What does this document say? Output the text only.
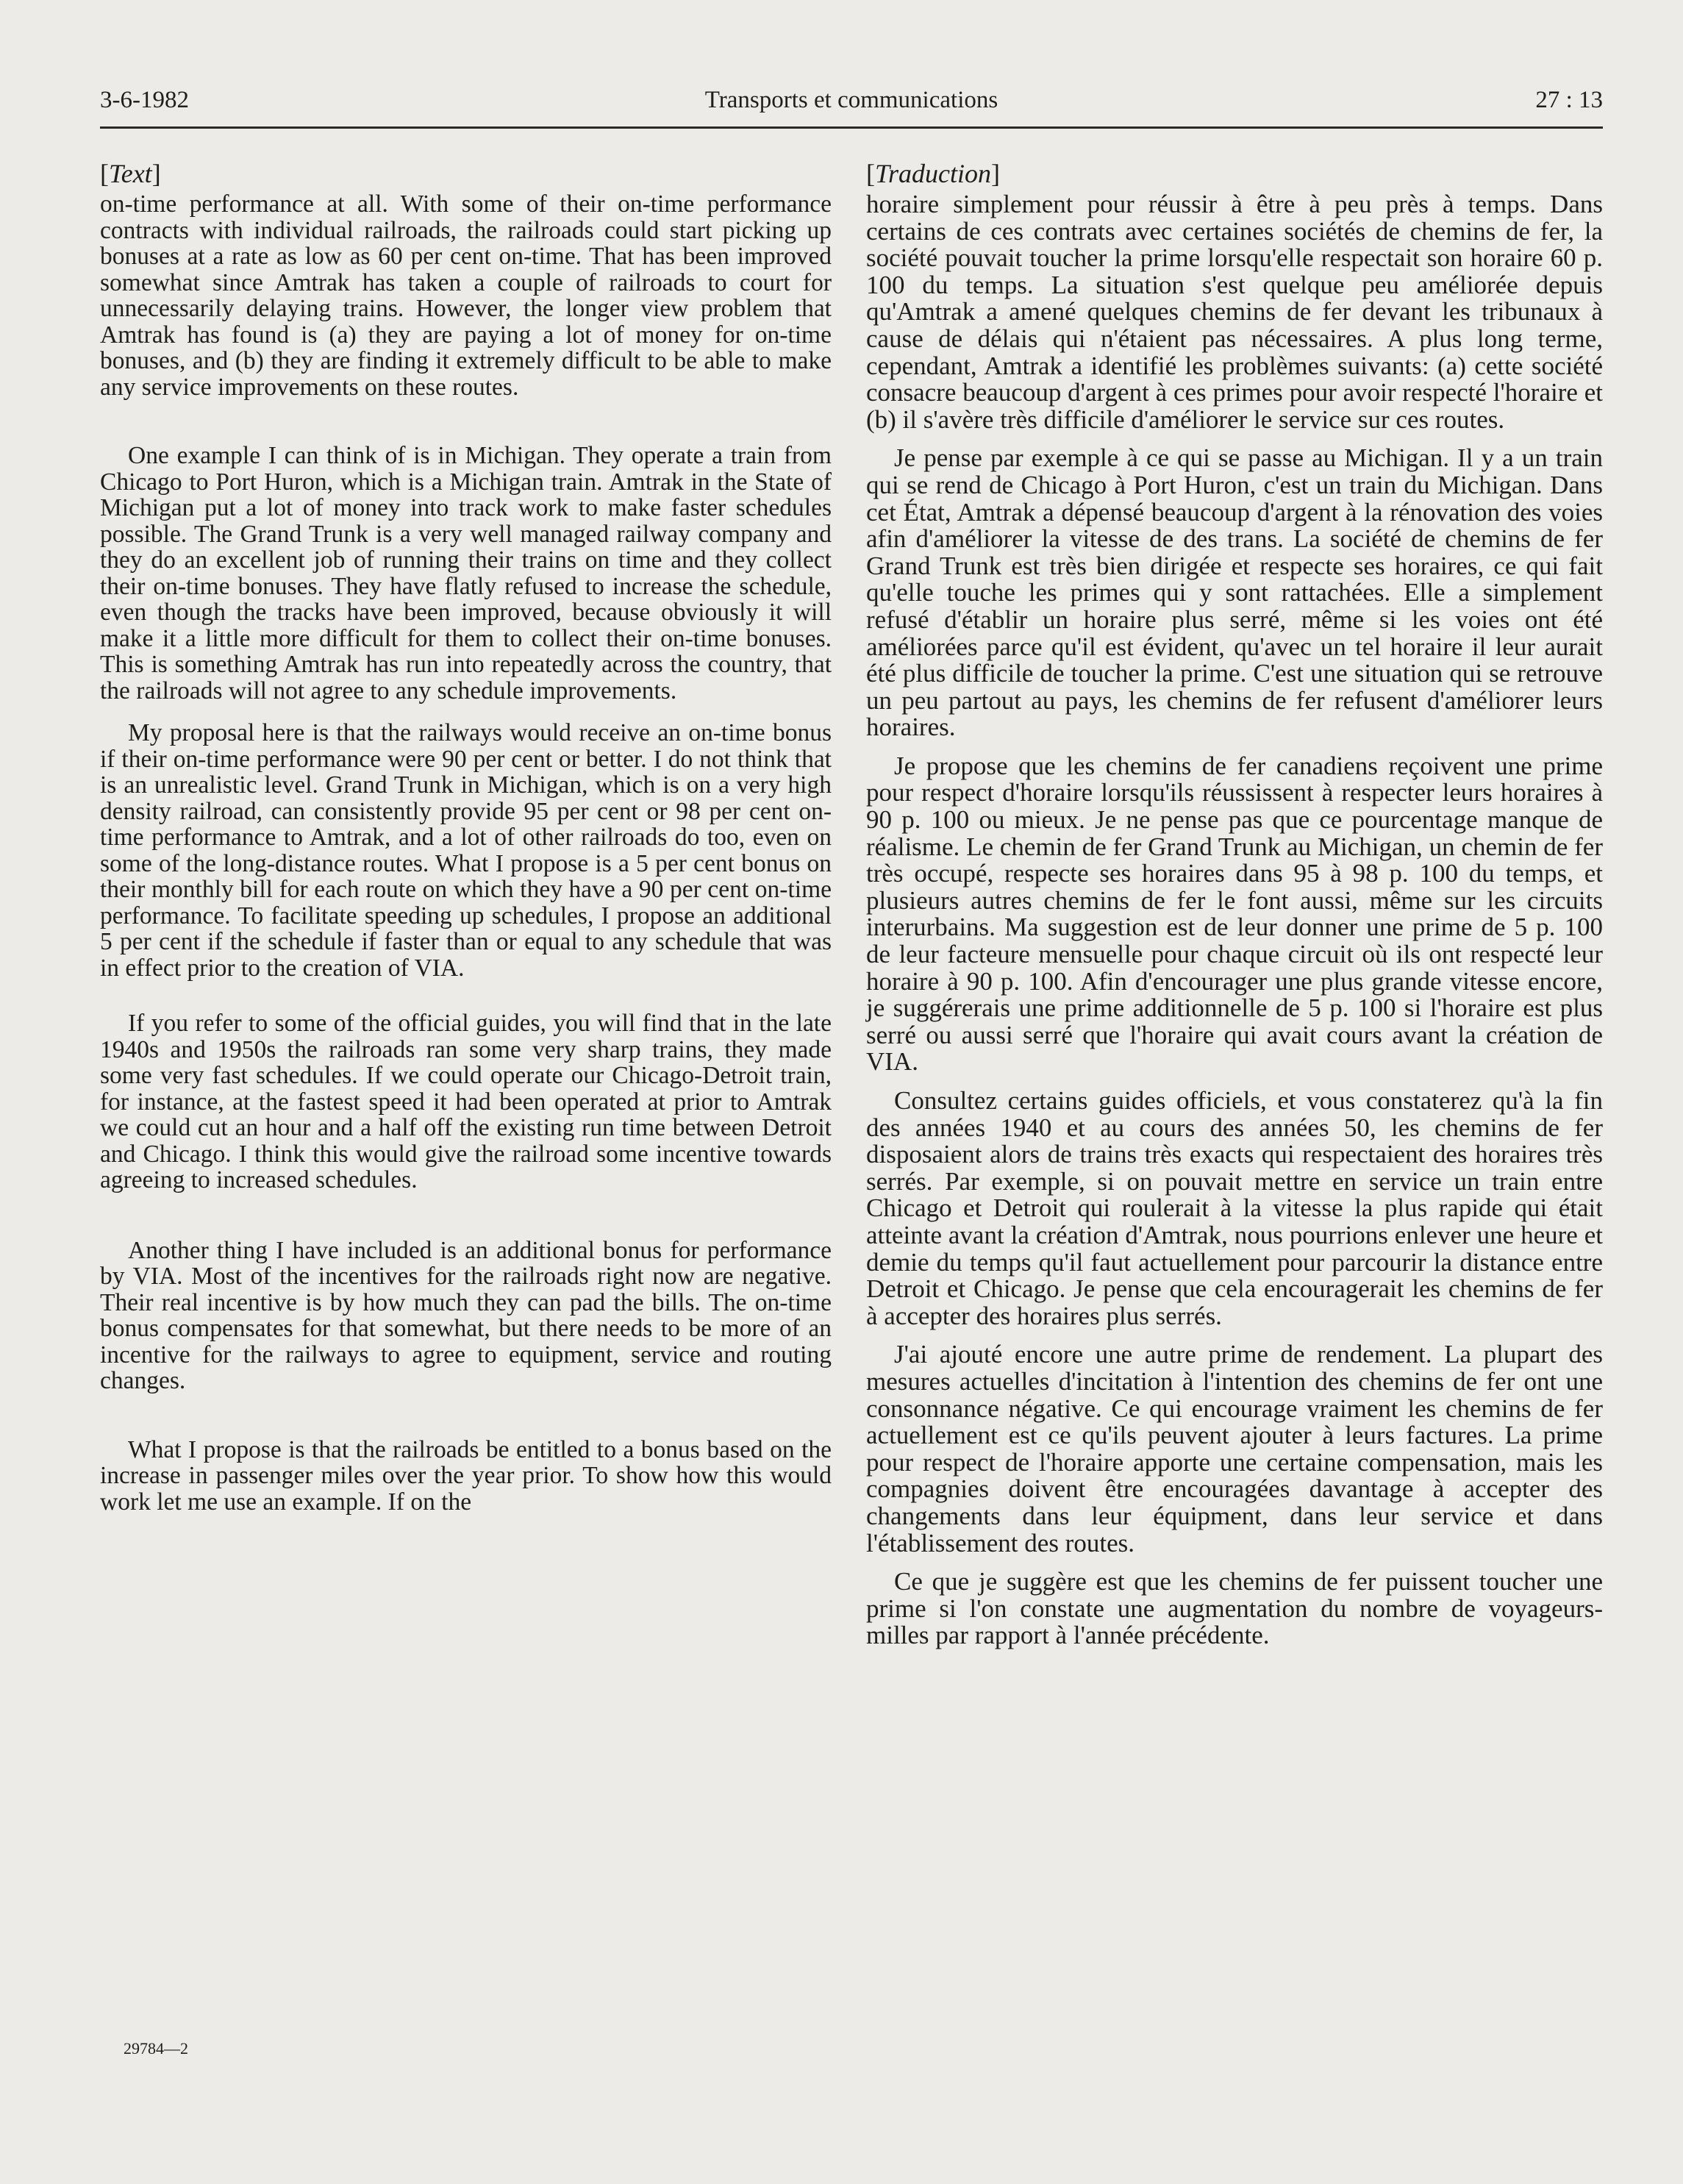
3-6-1982	Transports et communications	27 : 13

[Text]

on-time performance at all. With some of their on-time performance contracts with individual railroads, the railroads could start picking up bonuses at a rate as low as 60 per cent on-time. That has been improved somewhat since Amtrak has taken a couple of railroads to court for unnecessarily delaying trains. However, the longer view problem that Amtrak has found is (a) they are paying a lot of money for on-time bonuses, and (b) they are finding it extremely difficult to be able to make any service improvements on these routes.

One example I can think of is in Michigan. They operate a train from Chicago to Port Huron, which is a Michigan train. Amtrak in the State of Michigan put a lot of money into track work to make faster schedules possible. The Grand Trunk is a very well managed railway company and they do an excellent job of running their trains on time and they collect their on-time bonuses. They have flatly refused to increase the schedule, even though the tracks have been improved, because obviously it will make it a little more difficult for them to collect their on-time bonuses. This is something Amtrak has run into repeatedly across the country, that the railroads will not agree to any schedule improvements.

My proposal here is that the railways would receive an on-time bonus if their on-time performance were 90 per cent or better. I do not think that is an unrealistic level. Grand Trunk in Michigan, which is on a very high density railroad, can consistently provide 95 per cent or 98 per cent on-time performance to Amtrak, and a lot of other railroads do too, even on some of the long-distance routes. What I propose is a 5 per cent bonus on their monthly bill for each route on which they have a 90 per cent on-time performance. To facilitate speeding up schedules, I propose an additional 5 per cent if the schedule if faster than or equal to any schedule that was in effect prior to the creation of VIA.

If you refer to some of the official guides, you will find that in the late 1940s and 1950s the railroads ran some very sharp trains, they made some very fast schedules. If we could operate our Chicago-Detroit train, for instance, at the fastest speed it had been operated at prior to Amtrak we could cut an hour and a half off the existing run time between Detroit and Chicago. I think this would give the railroad some incentive towards agreeing to increased schedules.

Another thing I have included is an additional bonus for performance by VIA. Most of the incentives for the railroads right now are negative. Their real incentive is by how much they can pad the bills. The on-time bonus compensates for that somewhat, but there needs to be more of an incentive for the railways to agree to equipment, service and routing changes.

What I propose is that the railroads be entitled to a bonus based on the increase in passenger miles over the year prior. To show how this would work let me use an example. If on the

[Traduction]

horaire simplement pour réussir à être à peu près à temps. Dans certains de ces contrats avec certaines sociétés de chemins de fer, la société pouvait toucher la prime lorsqu'elle respectait son horaire 60 p. 100 du temps. La situation s'est quelque peu améliorée depuis qu'Amtrak a amené quelques chemins de fer devant les tribunaux à cause de délais qui n'étaient pas nécessaires. A plus long terme, cependant, Amtrak a identifié les problèmes suivants: (a) cette société consacre beaucoup d'argent à ces primes pour avoir respecté l'horaire et (b) il s'avère très difficile d'améliorer le service sur ces routes.

Je pense par exemple à ce qui se passe au Michigan. Il y a un train qui se rend de Chicago à Port Huron, c'est un train du Michigan. Dans cet État, Amtrak a dépensé beaucoup d'argent à la rénovation des voies afin d'améliorer la vitesse de des trans. La société de chemins de fer Grand Trunk est très bien dirigée et respecte ses horaires, ce qui fait qu'elle touche les primes qui y sont rattachées. Elle a simplement refusé d'établir un horaire plus serré, même si les voies ont été améliorées parce qu'il est évident, qu'avec un tel horaire il leur aurait été plus difficile de toucher la prime. C'est une situation qui se retrouve un peu partout au pays, les chemins de fer refusent d'améliorer leurs horaires.

Je propose que les chemins de fer canadiens reçoivent une prime pour respect d'horaire lorsqu'ils réussissent à respecter leurs horaires à 90 p. 100 ou mieux. Je ne pense pas que ce pourcentage manque de réalisme. Le chemin de fer Grand Trunk au Michigan, un chemin de fer très occupé, respecte ses horaires dans 95 à 98 p. 100 du temps, et plusieurs autres chemins de fer le font aussi, même sur les circuits interurbains. Ma suggestion est de leur donner une prime de 5 p. 100 de leur facteure mensuelle pour chaque circuit où ils ont respecté leur horaire à 90 p. 100. Afin d'encourager une plus grande vitesse encore, je suggérerais une prime additionnelle de 5 p. 100 si l'horaire est plus serré ou aussi serré que l'horaire qui avait cours avant la création de VIA.

Consultez certains guides officiels, et vous constaterez qu'à la fin des années 1940 et au cours des années 50, les chemins de fer disposaient alors de trains très exacts qui respectaient des horaires très serrés. Par exemple, si on pouvait mettre en service un train entre Chicago et Detroit qui roulerait à la vitesse la plus rapide qui était atteinte avant la création d'Amtrak, nous pourrions enlever une heure et demie du temps qu'il faut actuellement pour parcourir la distance entre Detroit et Chicago. Je pense que cela encouragerait les chemins de fer à accepter des horaires plus serrés.

J'ai ajouté encore une autre prime de rendement. La plupart des mesures actuelles d'incitation à l'intention des chemins de fer ont une consonnance négative. Ce qui encourage vraiment les chemins de fer actuellement est ce qu'ils peuvent ajouter à leurs factures. La prime pour respect de l'horaire apporte une certaine compensation, mais les compagnies doivent être encouragées davantage à accepter des changements dans leur équipment, dans leur service et dans l'établissement des routes.

Ce que je suggère est que les chemins de fer puissent toucher une prime si l'on constate une augmentation du nombre de voyageurs-milles par rapport à l'année précédente.

29784—2
